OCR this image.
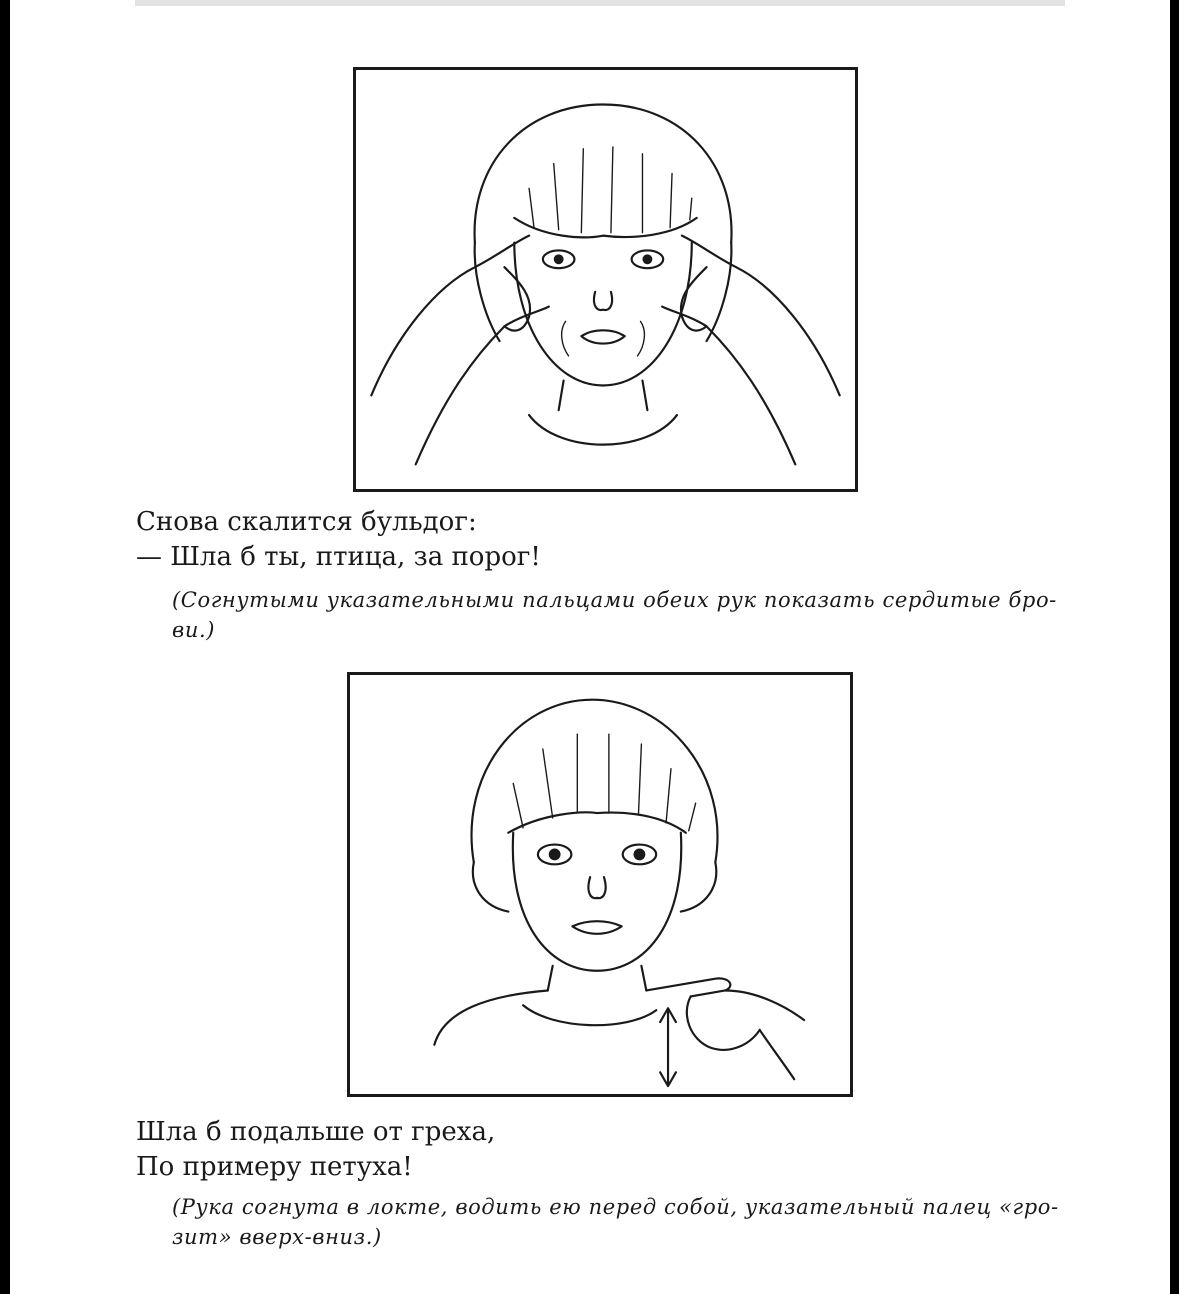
Снова скалится бульдог:
— Шла б ты, птица, за порог!
(Согнутыми указательными пальцами обеих рук показать сердитые бро-
ви.)
Шла б подальше от греха,
По примеру петуха!
(Рука согнута в локте, водить ею перед собой, указательный палец «гро-
зит» вверх-вниз.)
